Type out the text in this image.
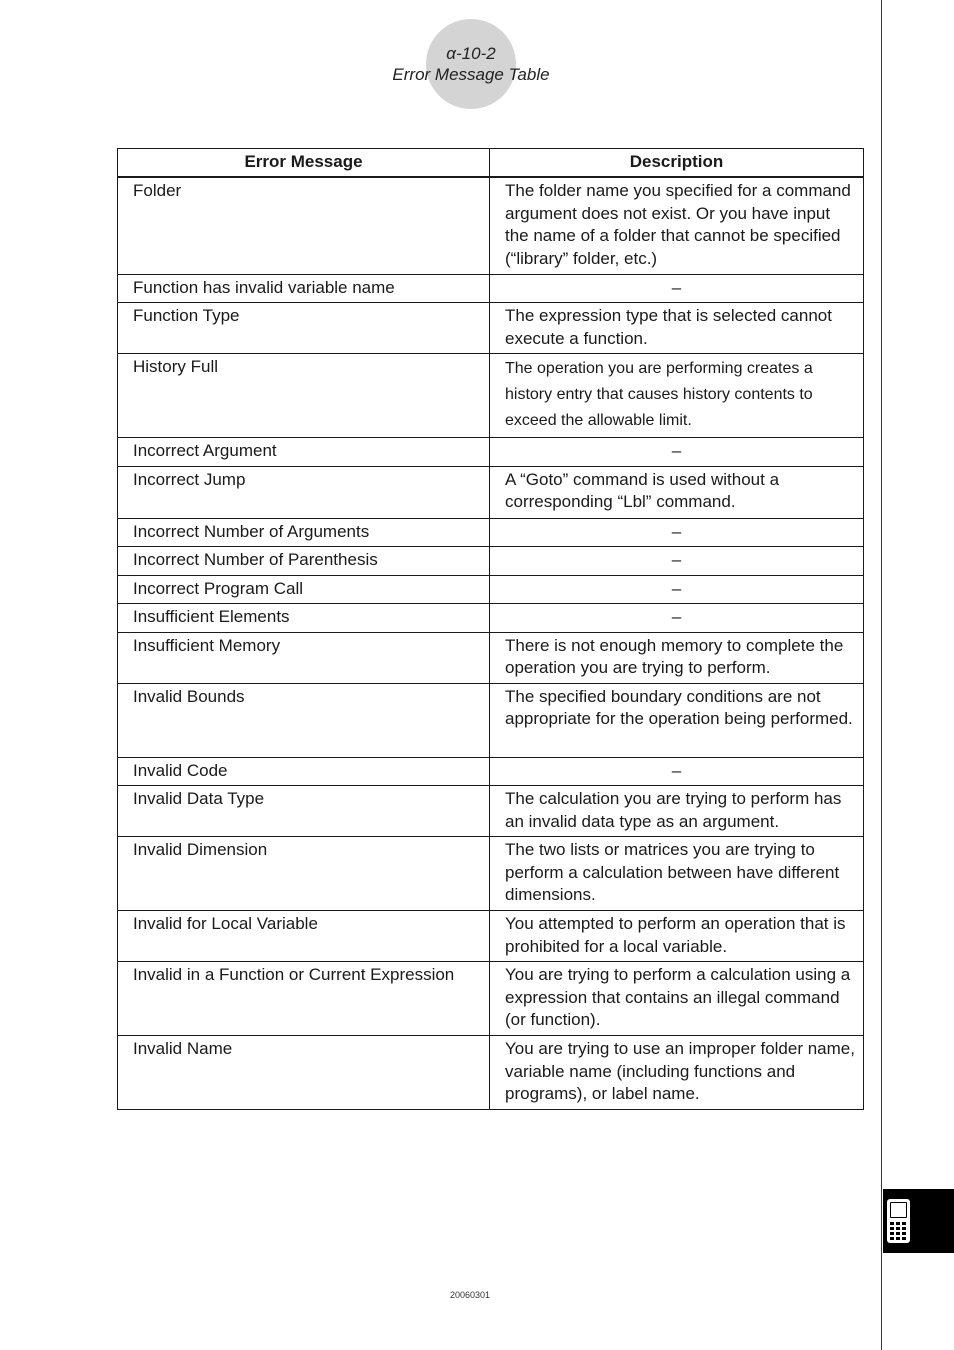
α-10-2
Error Message Table
Error Message	Description
Folder	The folder name you specified for a command argument does not exist. Or you have input the name of a folder that cannot be specified (“library” folder, etc.)
Function has invalid variable name	–
Function Type	The expression type that is selected cannot execute a function.
History Full	The operation you are performing creates a history entry that causes history contents to exceed the allowable limit.
Incorrect Argument	–
Incorrect Jump	A “Goto” command is used without a corresponding “Lbl” command.
Incorrect Number of Arguments	–
Incorrect Number of Parenthesis	–
Incorrect Program Call	–
Insufficient Elements	–
Insufficient Memory	There is not enough memory to complete the operation you are trying to perform.
Invalid Bounds	The specified boundary conditions are not appropriate for the operation being performed.
Invalid Code	–
Invalid Data Type	The calculation you are trying to perform has an invalid data type as an argument.
Invalid Dimension	The two lists or matrices you are trying to perform a calculation between have different dimensions.
Invalid for Local Variable	You attempted to perform an operation that is prohibited for a local variable.
Invalid in a Function or Current Expression	You are trying to perform a calculation using a expression that contains an illegal command (or function).
Invalid Name	You are trying to use an improper folder name, variable name (including functions and programs), or label name.
20060301
